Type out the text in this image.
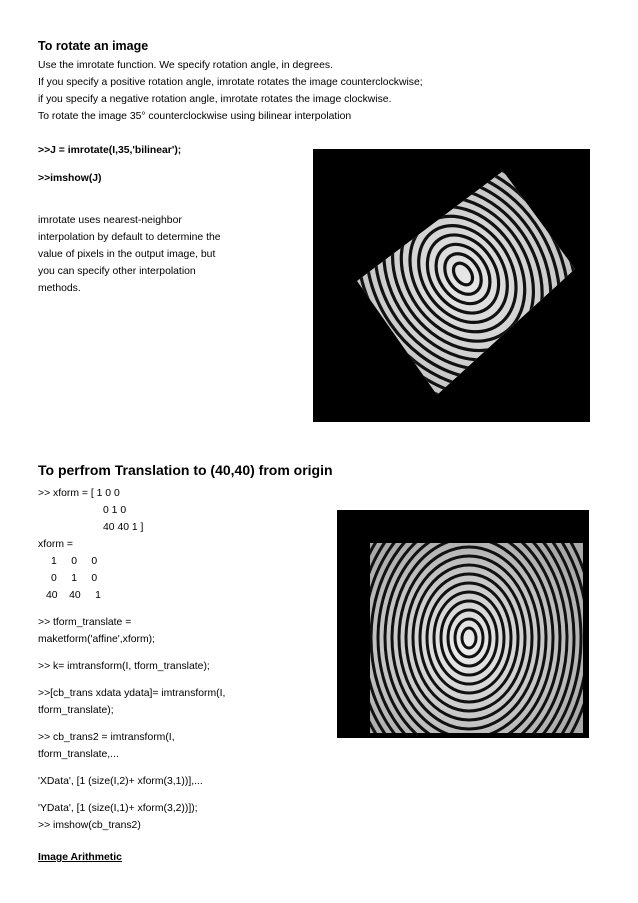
To rotate an image
Use the imrotate function. We specify rotation angle, in degrees.
If you specify a positive rotation angle, imrotate rotates the image counterclockwise;
if you specify a negative rotation angle, imrotate rotates the image clockwise.
To rotate the image 35° counterclockwise using bilinear interpolation
>>J = imrotate(I,35,'bilinear');
>>imshow(J)
imrotate uses nearest-neighbor
interpolation by default to determine the
value of pixels in the output image, but
you can specify other interpolation
methods.
To perfrom Translation to (40,40) from origin
>> xform = [ 1 0 0
0 1 0
40 40 1 ]
xform =
1     0     0
0     1     0
40    40     1
>> tform_translate =
maketform('affine',xform);
>> k= imtransform(I, tform_translate);
>>[cb_trans xdata ydata]= imtransform(I,
tform_translate);
>> cb_trans2 = imtransform(I,
tform_translate,...
'XData', [1 (size(I,2)+ xform(3,1))],...
'YData', [1 (size(I,1)+ xform(3,2))]);
>> imshow(cb_trans2)
Image Arithmetic
